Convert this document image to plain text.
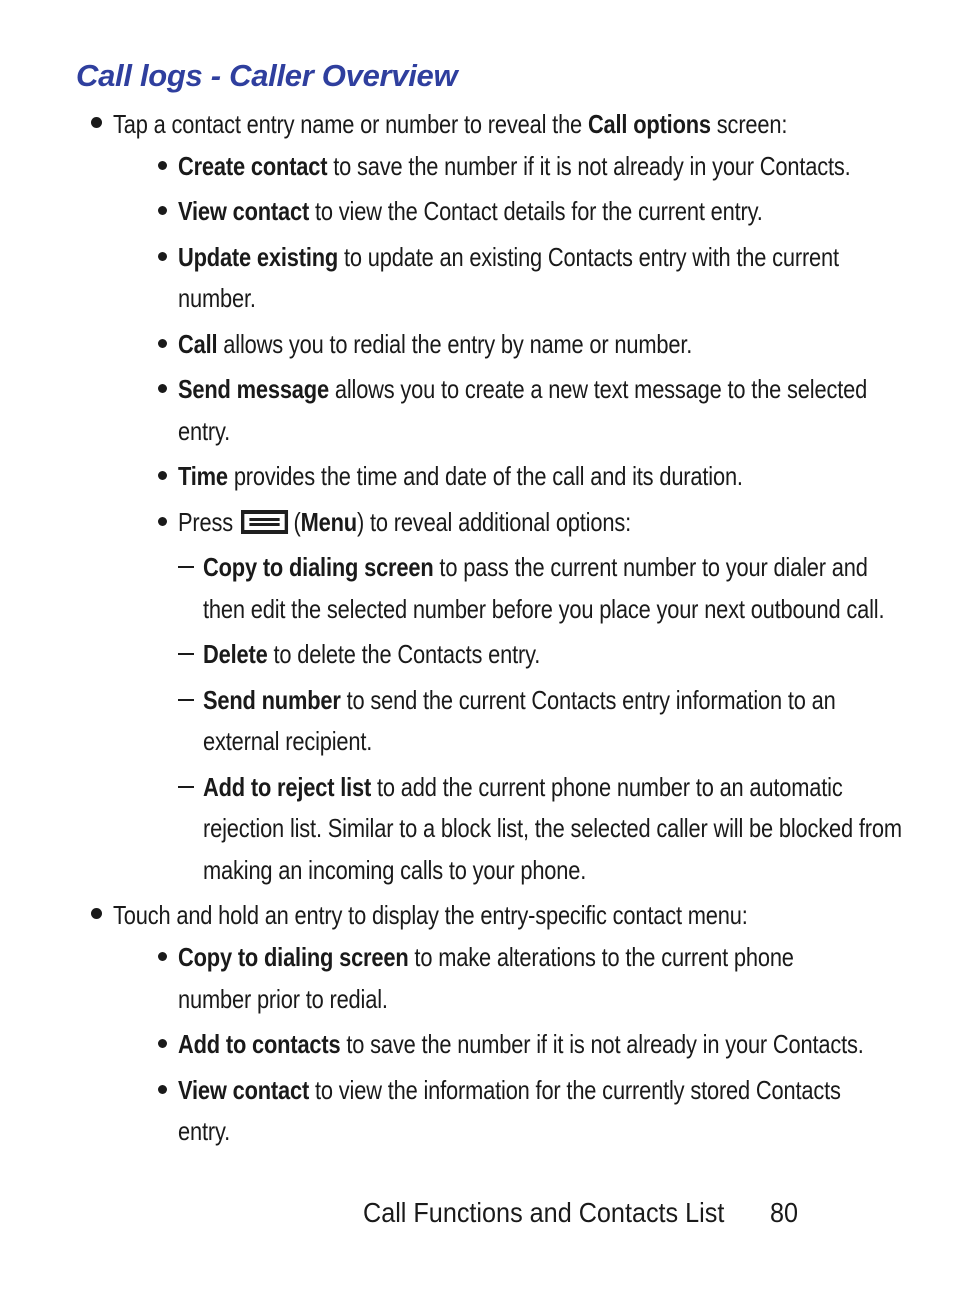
Call logs - Caller Overview
Tap a contact entry name or number to reveal the Call options screen:
Create contact to save the number if it is not already in your Contacts.
View contact to view the Contact details for the current entry.
Update existing to update an existing Contacts entry with the current
number.
Call allows you to redial the entry by name or number.
Send message allows you to create a new text message to the selected
entry.
Time provides the time and date of the call and its duration.
Press (Menu) to reveal additional options:
Copy to dialing screen to pass the current number to your dialer and
then edit the selected number before you place your next outbound call.
Delete to delete the Contacts entry.
Send number to send the current Contacts entry information to an
external recipient.
Add to reject list to add the current phone number to an automatic
rejection list. Similar to a block list, the selected caller will be blocked from
making an incoming calls to your phone.
Touch and hold an entry to display the entry-specific contact menu:
Copy to dialing screen to make alterations to the current phone
number prior to redial.
Add to contacts to save the number if it is not already in your Contacts.
View contact to view the information for the currently stored Contacts
entry.
Call Functions and Contacts List 80
